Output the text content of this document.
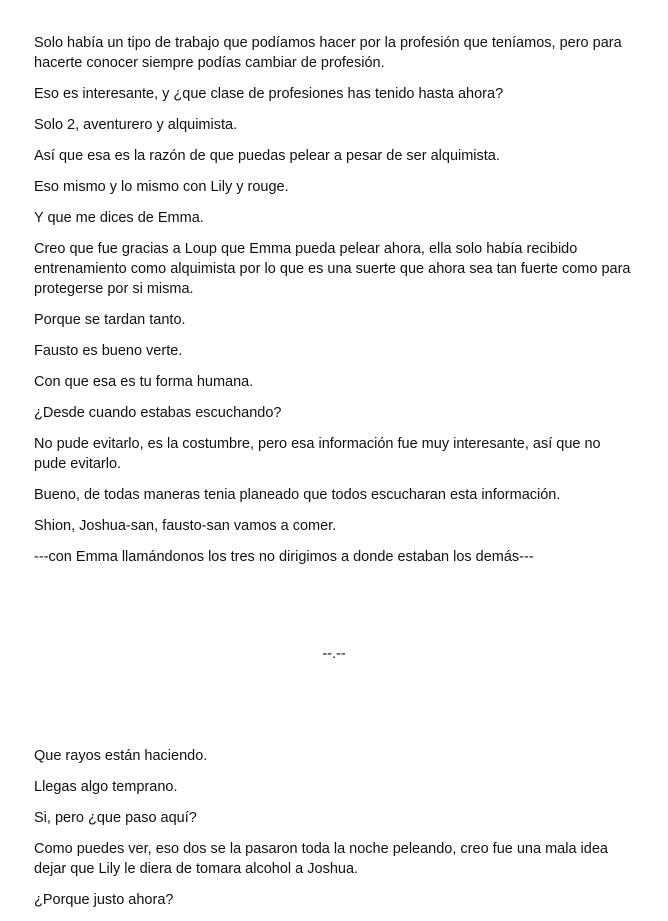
Solo había un tipo de trabajo que podíamos hacer por la profesión que teníamos, pero para hacerte conocer siempre podías cambiar de profesión.

Eso es interesante, y ¿que clase de profesiones has tenido hasta ahora?

Solo 2, aventurero y alquimista.

Así que esa es la razón de que puedas pelear a pesar de ser alquimista.

Eso mismo y lo mismo con Lily y rouge.

Y que me dices de Emma.

Creo que fue gracias a Loup que Emma pueda pelear ahora, ella solo había recibido entrenamiento como alquimista por lo que es una suerte que ahora sea tan fuerte como para protegerse por si misma.

Porque se tardan tanto.

Fausto es bueno verte.

Con que esa es tu forma humana.

¿Desde cuando estabas escuchando?

No pude evitarlo, es la costumbre, pero esa información fue muy interesante, así que no pude evitarlo.

Bueno, de todas maneras tenia planeado que todos escucharan esta información.

Shion, Joshua-san, fausto-san vamos a comer.

---con Emma llamándonos los tres no dirigimos a donde estaban los demás---

--.--

Que rayos están haciendo.

Llegas algo temprano.

Si, pero ¿que paso aquí?

Como puedes ver, eso dos se la pasaron toda la noche peleando, creo fue una mala idea dejar que Lily le diera de tomara alcohol a Joshua.

¿Porque justo ahora?
